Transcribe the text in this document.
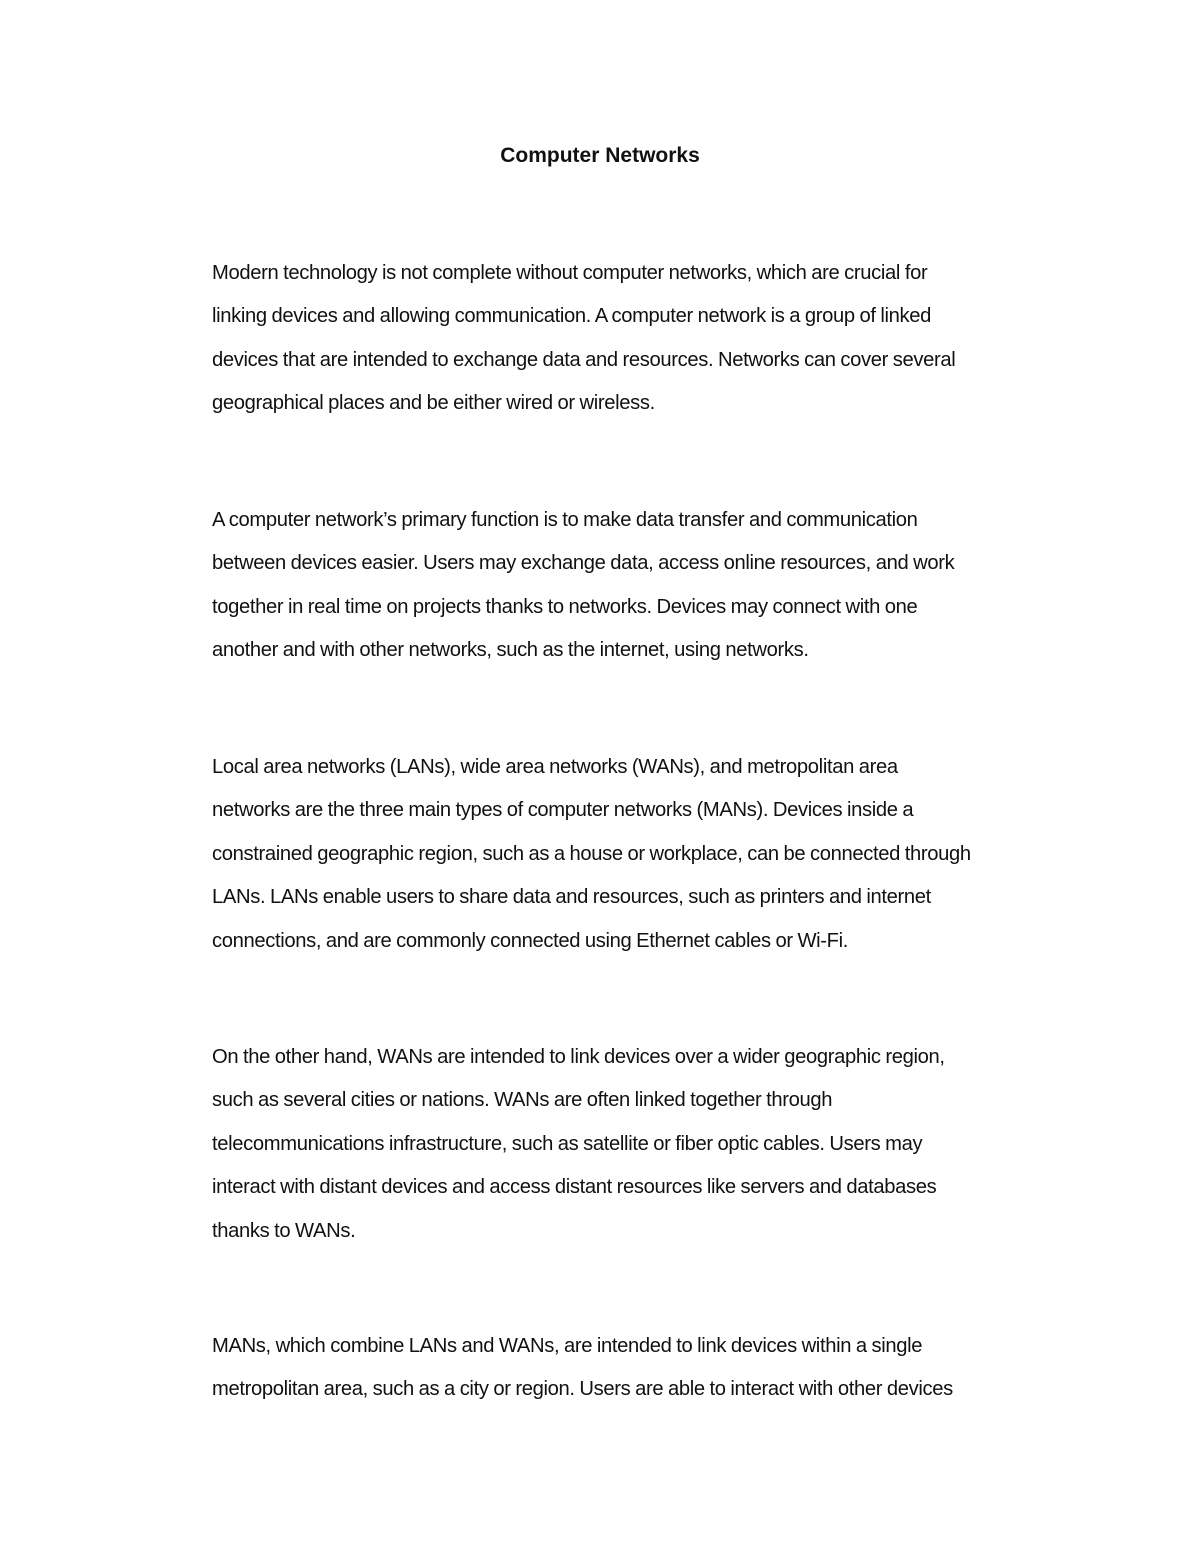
Computer Networks
Modern technology is not complete without computer networks, which are crucial for
linking devices and allowing communication. A computer network is a group of linked
devices that are intended to exchange data and resources. Networks can cover several
geographical places and be either wired or wireless.
A computer network’s primary function is to make data transfer and communication
between devices easier. Users may exchange data, access online resources, and work
together in real time on projects thanks to networks. Devices may connect with one
another and with other networks, such as the internet, using networks.
Local area networks (LANs), wide area networks (WANs), and metropolitan area
networks are the three main types of computer networks (MANs). Devices inside a
constrained geographic region, such as a house or workplace, can be connected through
LANs. LANs enable users to share data and resources, such as printers and internet
connections, and are commonly connected using Ethernet cables or Wi-Fi.
On the other hand, WANs are intended to link devices over a wider geographic region,
such as several cities or nations. WANs are often linked together through
telecommunications infrastructure, such as satellite or fiber optic cables. Users may
interact with distant devices and access distant resources like servers and databases
thanks to WANs.
MANs, which combine LANs and WANs, are intended to link devices within a single
metropolitan area, such as a city or region. Users are able to interact with other devices
